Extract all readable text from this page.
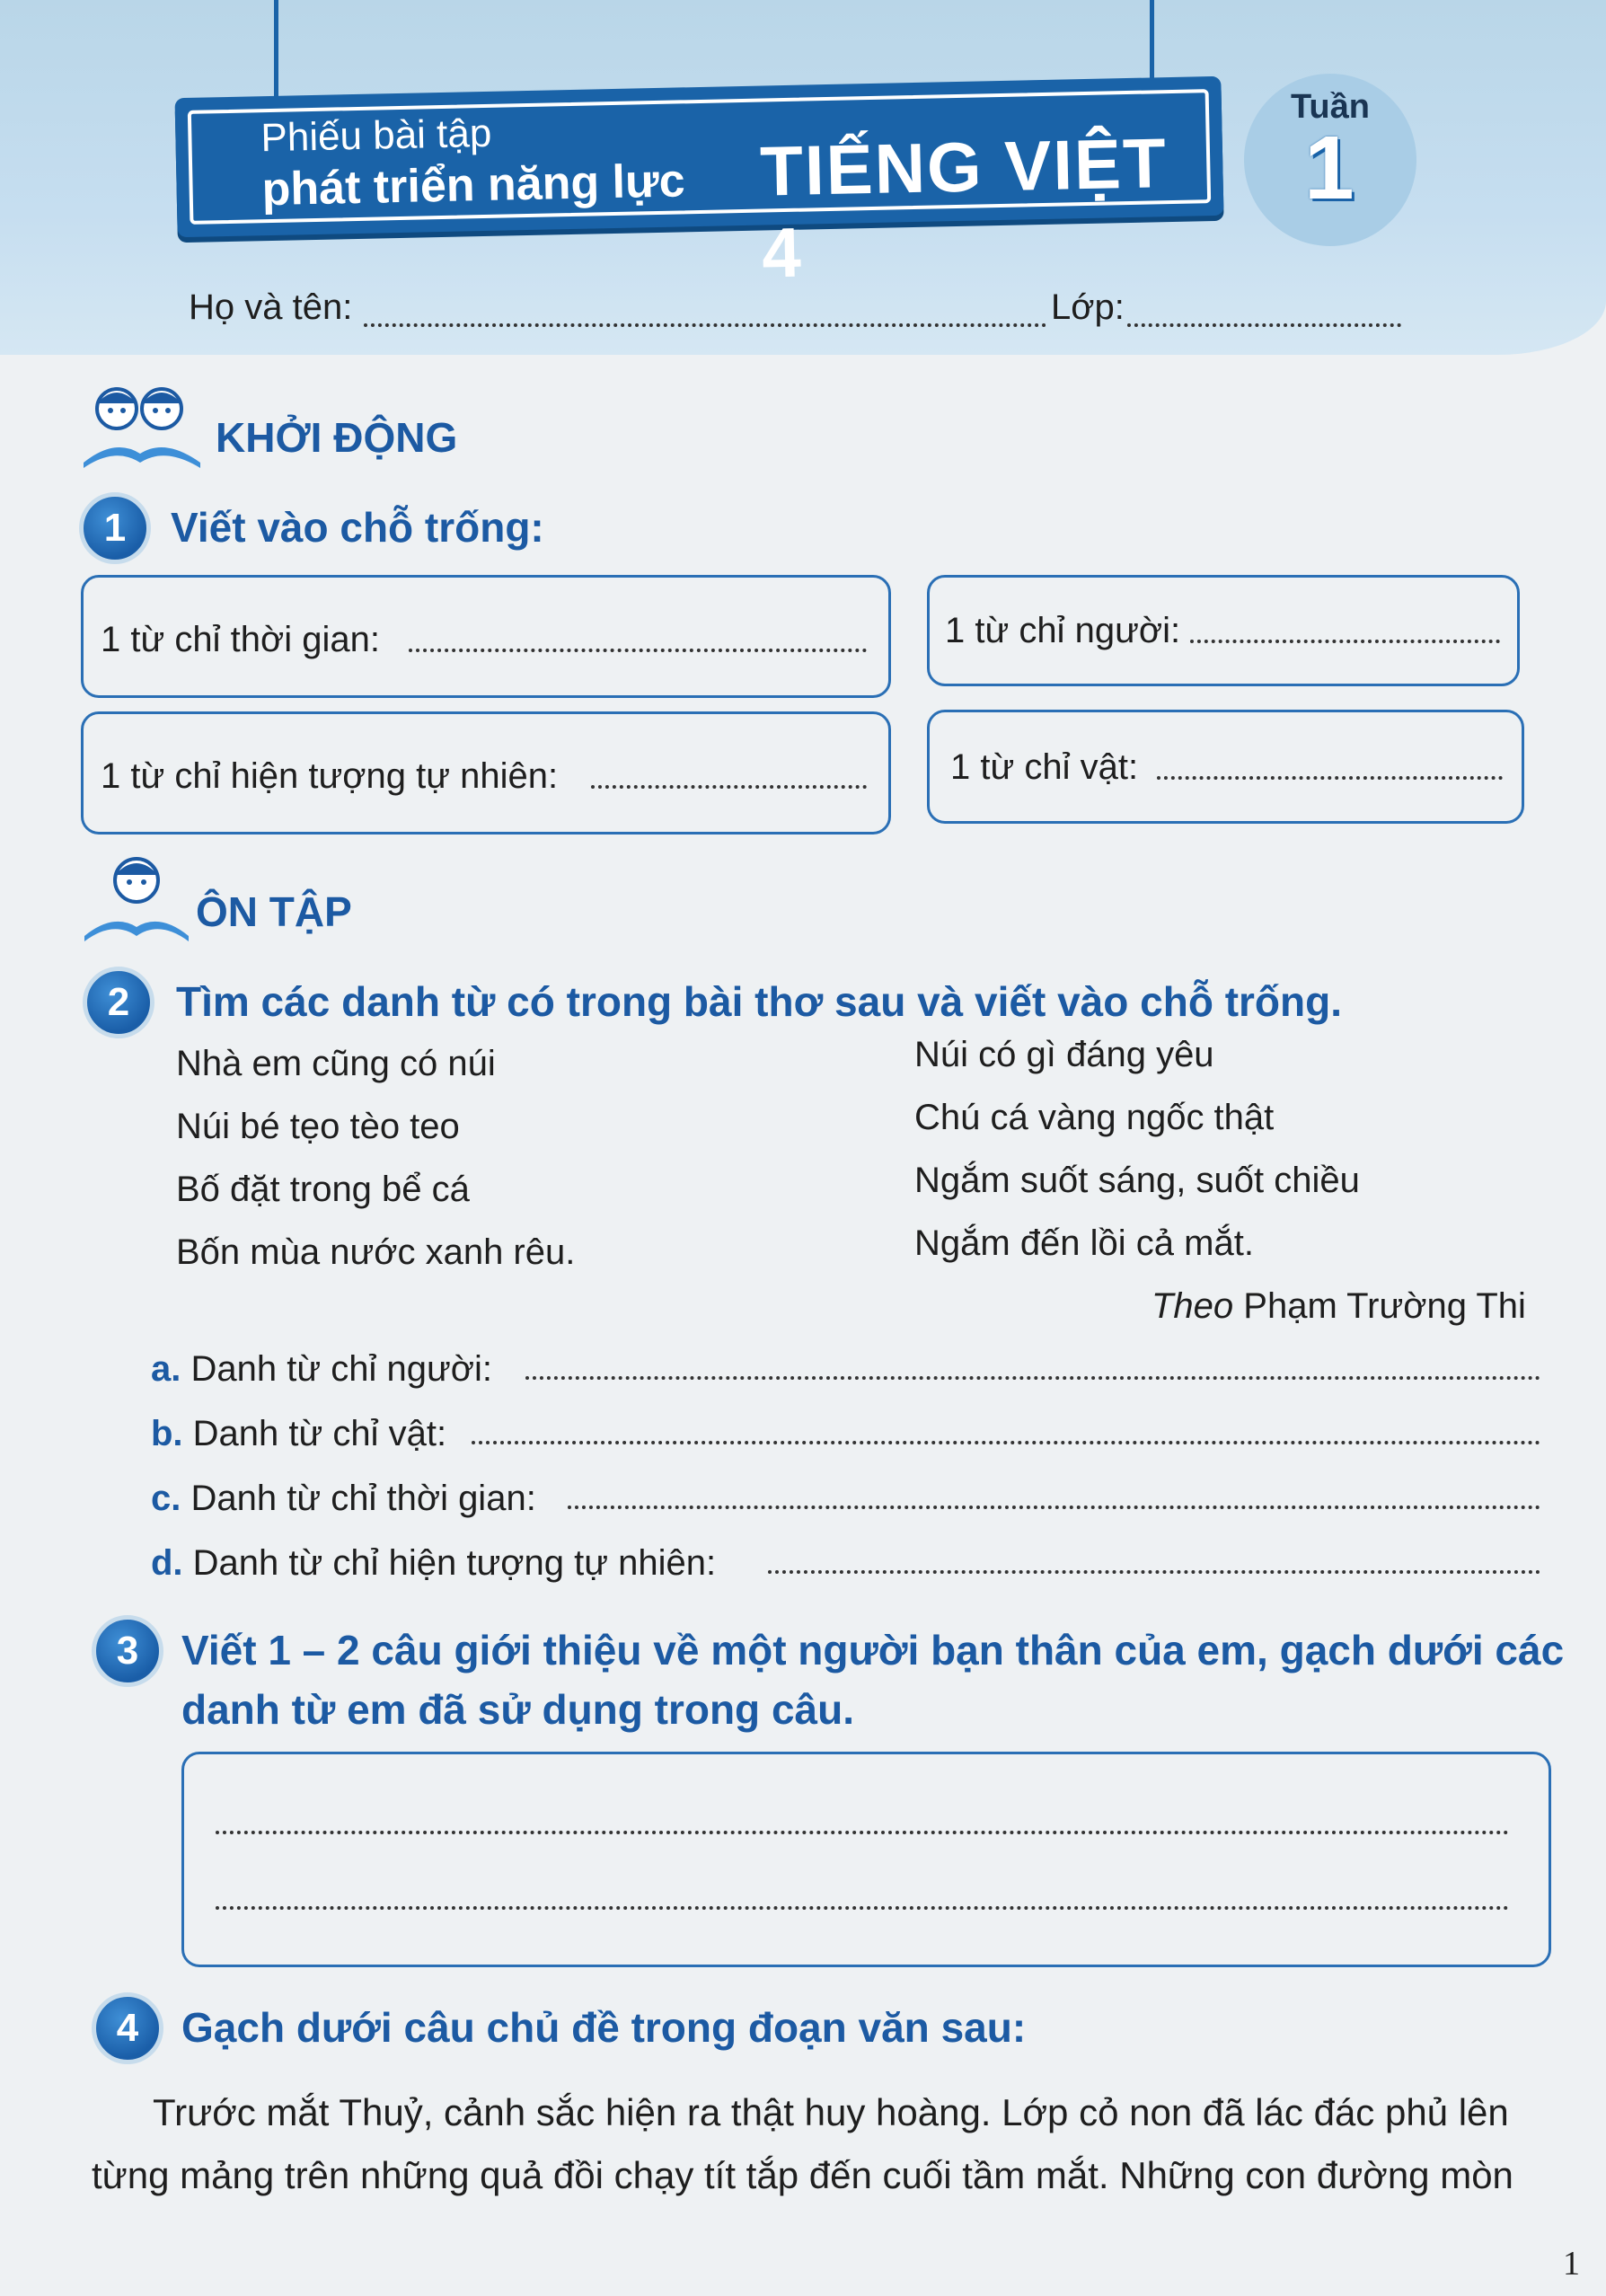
Phiếu bài tập
phát triển năng lực TIẾNG VIỆT 4
Tuần
1
Họ và tên:	Lớp:
KHỞI ĐỘNG
1	Viết vào chỗ trống:
1 từ chỉ thời gian:	1 từ chỉ người:
1 từ chỉ hiện tượng tự nhiên:	1 từ chỉ vật:
ÔN TẬP
2	Tìm các danh từ có trong bài thơ sau và viết vào chỗ trống.
Nhà em cũng có núi
Núi bé tẹo tèo teo
Bố đặt trong bể cá
Bốn mùa nước xanh rêu.
Núi có gì đáng yêu
Chú cá vàng ngốc thật
Ngắm suốt sáng, suốt chiều
Ngắm đến lồi cả mắt.
Theo Phạm Trường Thi
a. Danh từ chỉ người:
b. Danh từ chỉ vật:
c. Danh từ chỉ thời gian:
d. Danh từ chỉ hiện tượng tự nhiên:
3	Viết 1 – 2 câu giới thiệu về một người bạn thân của em, gạch dưới các
danh từ em đã sử dụng trong câu.
4	Gạch dưới câu chủ đề trong đoạn văn sau:
Trước mắt Thuỷ, cảnh sắc hiện ra thật huy hoàng. Lớp cỏ non đã lác đác phủ lên
từng mảng trên những quả đồi chạy tít tắp đến cuối tầm mắt. Những con đường mòn
1
